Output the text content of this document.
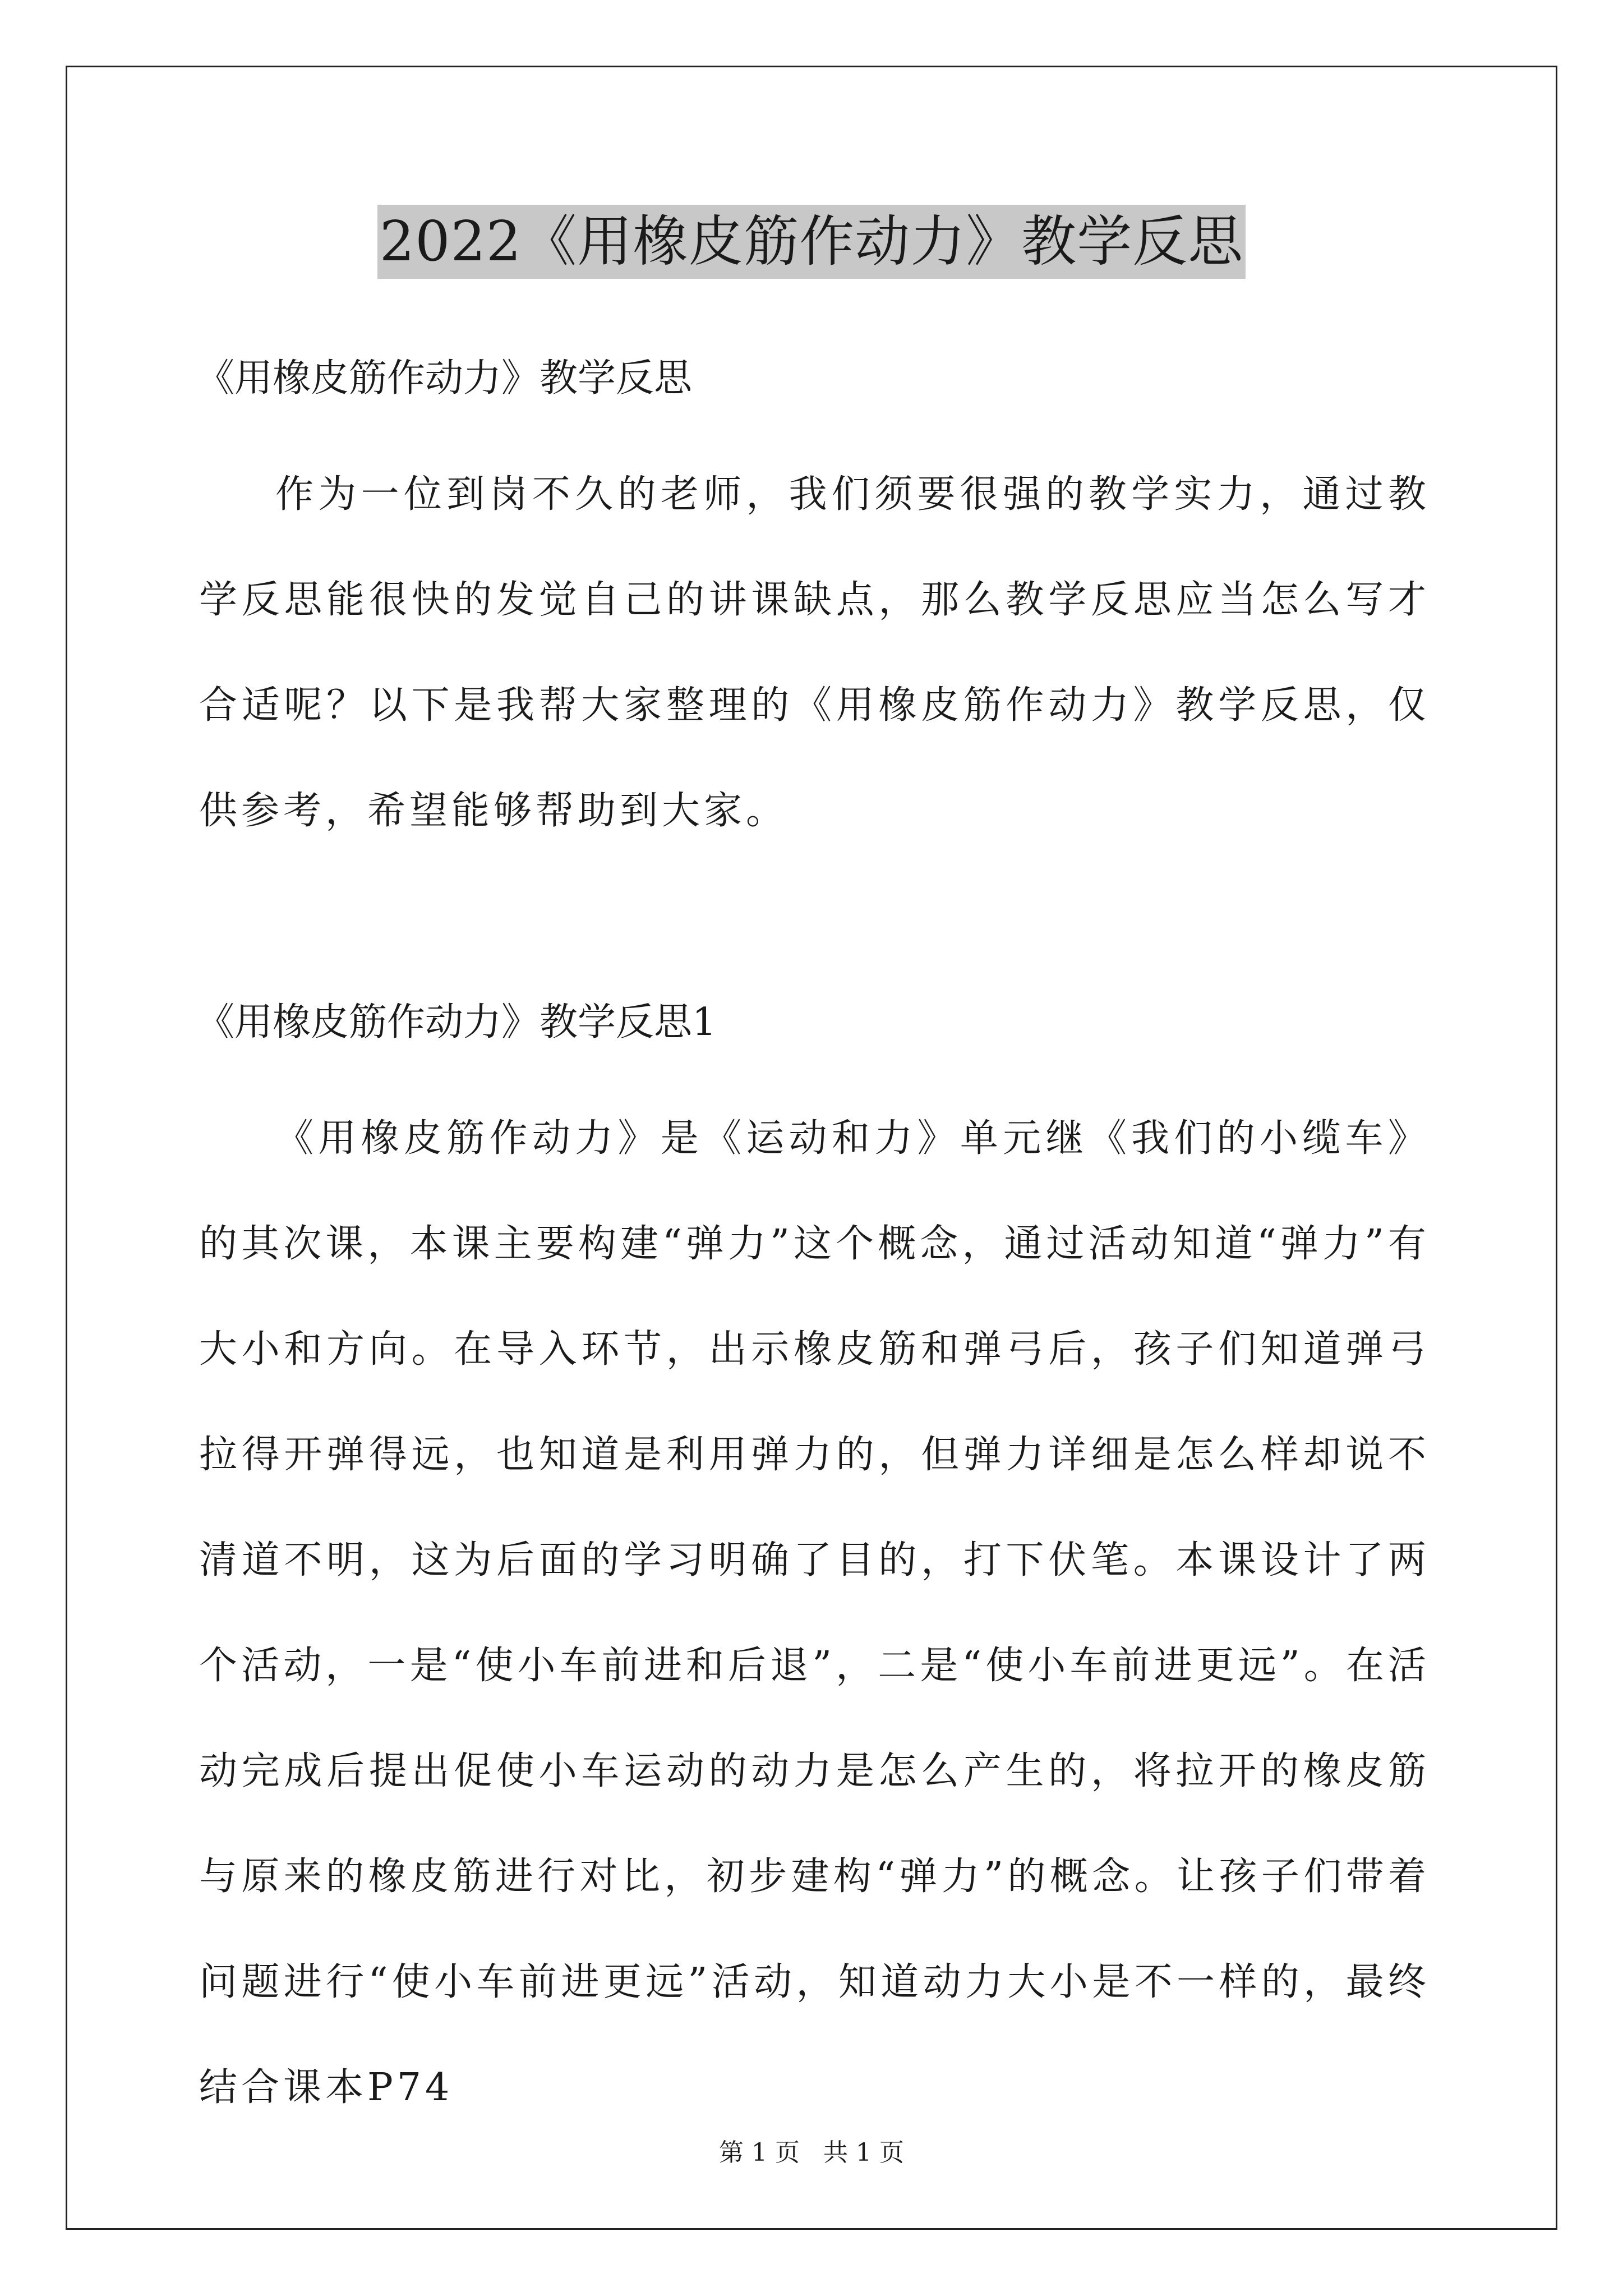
2022《用橡皮筋作动力》教学反思
《用橡皮筋作动力》教学反思
作为一位到岗不久的老师，我们须要很强的教学实力，通过教学反思能很快的发觉自己的讲课缺点，那么教学反思应当怎么写才合适呢？以下是我帮大家整理的《用橡皮筋作动力》教学反思，仅供参考，希望能够帮助到大家。
《用橡皮筋作动力》教学反思1
《用橡皮筋作动力》是《运动和力》单元继《我们的小缆车》的其次课，本课主要构建“弹力”这个概念，通过活动知道“弹力”有大小和方向。在导入环节，出示橡皮筋和弹弓后，孩子们知道弹弓拉得开弹得远，也知道是利用弹力的，但弹力详细是怎么样却说不清道不明，这为后面的学习明确了目的，打下伏笔。本课设计了两个活动，一是“使小车前进和后退”，二是“使小车前进更远”。在活动完成后提出促使小车运动的动力是怎么产生的，将拉开的橡皮筋与原来的橡皮筋进行对比，初步建构“弹力”的概念。让孩子们带着问题进行“使小车前进更远”活动，知道动力大小是不一样的，最终结合课本P74
第 1 页   共 1 页
